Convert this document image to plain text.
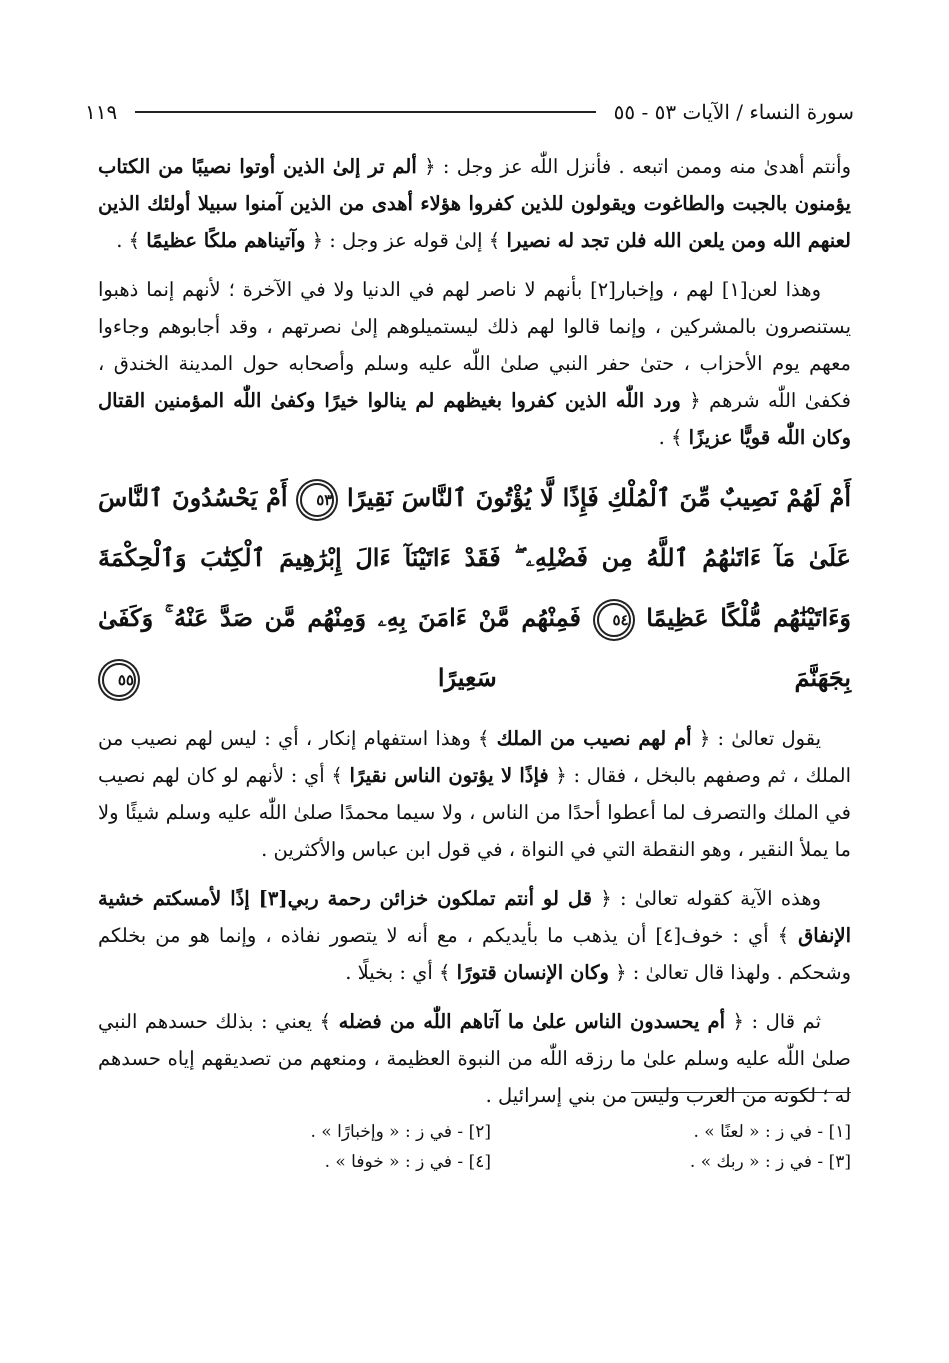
سورة النساء / الآيات ٥٣ - ٥٥
١١٩

وأنتم أهدىٰ منه وممن اتبعه . فأنزل اللّٰه عز وجل : ﴿ ألم تر إلىٰ الذين أوتوا نصيبًا من الكتاب يؤمنون بالجبت والطاغوت ويقولون للذين كفروا هؤلاء أهدى من الذين آمنوا سبيلا أولئك الذين لعنهم الله ومن يلعن الله فلن تجد له نصيرا ﴾ إلىٰ قوله عز وجل : ﴿ وآتيناهم ملكًا عظيمًا ﴾ .

وهذا لعن[١] لهم ، وإخبار[٢] بأنهم لا ناصر لهم في الدنيا ولا في الآخرة ؛ لأنهم إنما ذهبوا يستنصرون بالمشركين ، وإنما قالوا لهم ذلك ليستميلوهم إلىٰ نصرتهم ، وقد أجابوهم وجاءوا معهم يوم الأحزاب ، حتىٰ حفر النبي صلىٰ اللّٰه عليه وسلم وأصحابه حول المدينة الخندق ، فكفىٰ اللّٰه شرهم ﴿ ورد اللّٰه الذين كفروا بغيظهم لم ينالوا خيرًا وكفىٰ اللّٰه المؤمنين القتال وكان اللّٰه قويًّا عزيزًا ﴾ .

أَمْ لَهُمْ نَصِيبٌ مِّنَ ٱلْمُلْكِ فَإِذًا لَّا يُؤْتُونَ ٱلنَّاسَ نَقِيرًا ٥٣ أَمْ يَحْسُدُونَ ٱلنَّاسَ عَلَىٰ مَآ ءَاتَىٰهُمُ ٱللَّهُ مِن فَضْلِهِۦ ۖ فَقَدْ ءَاتَيْنَآ ءَالَ إِبْرَٰهِيمَ ٱلْكِتَٰبَ وَٱلْحِكْمَةَ وَءَاتَيْنَٰهُم مُّلْكًا عَظِيمًا ٥٤ فَمِنْهُم مَّنْ ءَامَنَ بِهِۦ وَمِنْهُم مَّن صَدَّ عَنْهُ ۚ وَكَفَىٰ بِجَهَنَّمَ سَعِيرًا ٥٥

يقول تعالىٰ : ﴿ أم لهم نصيب من الملك ﴾ وهذا استفهام إنكار ، أي : ليس لهم نصيب من الملك ، ثم وصفهم بالبخل ، فقال : ﴿ فإذًا لا يؤتون الناس نقيرًا ﴾ أي : لأنهم لو كان لهم نصيب في الملك والتصرف لما أعطوا أحدًا من الناس ، ولا سيما محمدًا صلىٰ اللّٰه عليه وسلم شيئًا ولا ما يملأ النقير ، وهو النقطة التي في النواة ، في قول ابن عباس والأكثرين .

وهذه الآية كقوله تعالىٰ : ﴿ قل لو أنتم تملكون خزائن رحمة ربي[٣] إذًا لأمسكتم خشية الإنفاق ﴾ أي : خوف[٤] أن يذهب ما بأيديكم ، مع أنه لا يتصور نفاذه ، وإنما هو من بخلكم وشحكم . ولهذا قال تعالىٰ : ﴿ وكان الإنسان قتورًا ﴾ أي : بخيلًا .

ثم قال : ﴿ أم يحسدون الناس علىٰ ما آتاهم اللّٰه من فضله ﴾ يعني : بذلك حسدهم النبي صلىٰ اللّٰه عليه وسلم علىٰ ما رزقه اللّٰه من النبوة العظيمة ، ومنعهم من تصديقهم إياه حسدهم له ؛ لكونه من العرب وليس من بني إسرائيل .

[١] - في ز : « لعنًا » .
[٢] - في ز : « وإخبارًا » .
[٣] - في ز : « ربك » .
[٤] - في ز : « خوفا » .
